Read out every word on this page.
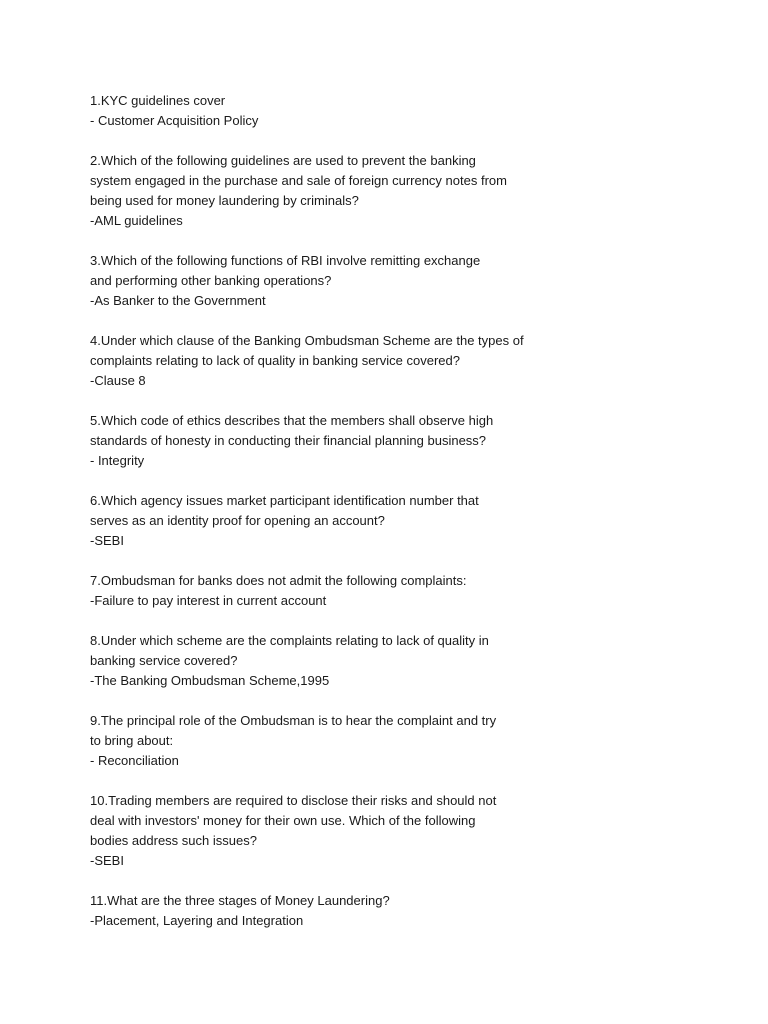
1.KYC guidelines cover
- Customer Acquisition Policy
2.Which of the following guidelines are used to prevent the banking
system engaged in the purchase and sale of foreign currency notes from
being used for money laundering by criminals?
-AML guidelines
3.Which of the following functions of RBI involve remitting exchange
and performing other banking operations?
-As Banker to the Government
4.Under which clause of the Banking Ombudsman Scheme are the types of
complaints relating to lack of quality in banking service covered?
-Clause 8
5.Which code of ethics describes that the members shall observe high
standards of honesty in conducting their financial planning business?
- Integrity
6.Which agency issues market participant identification number that
serves as an identity proof for opening an account?
-SEBI
7.Ombudsman for banks does not admit the following complaints:
-Failure to pay interest in current account
8.Under which scheme are the complaints relating to lack of quality in
banking service covered?
-The Banking Ombudsman Scheme,1995
9.The principal role of the Ombudsman is to hear the complaint and try
to bring about:
- Reconciliation
10.Trading members are required to disclose their risks and should not
deal with investors' money for their own use. Which of the following
bodies address such issues?
-SEBI
11.What are the three stages of Money Laundering?
-Placement, Layering and Integration
